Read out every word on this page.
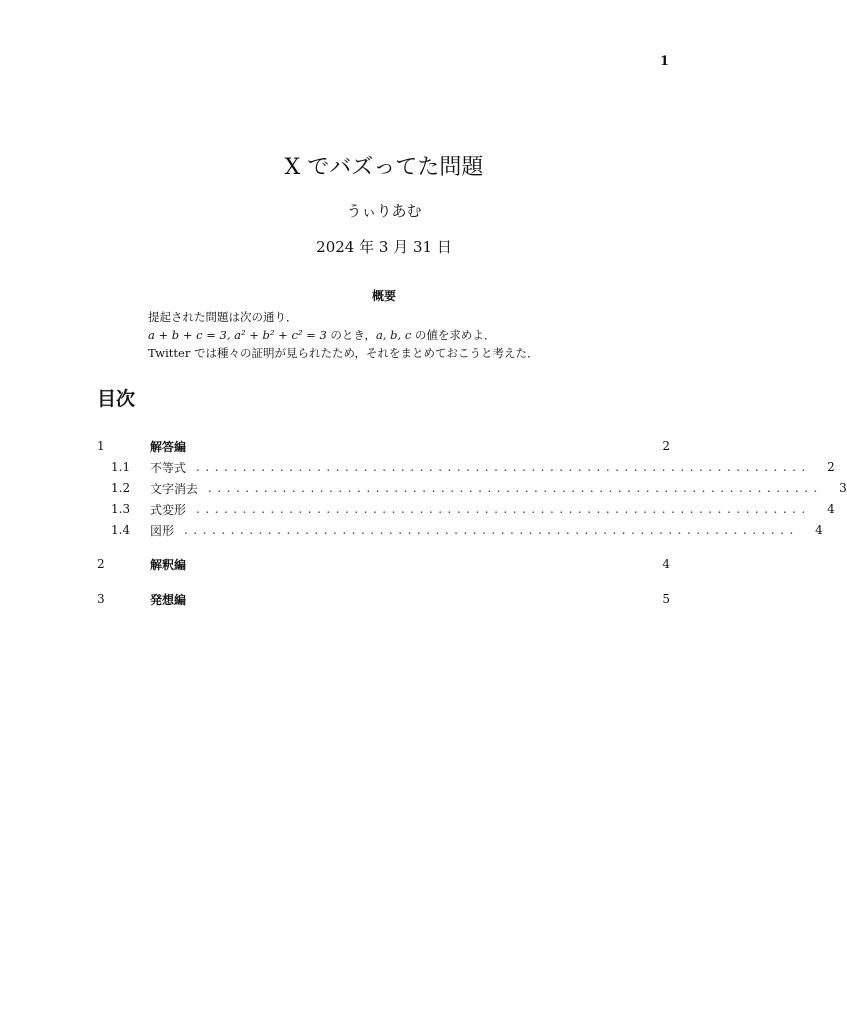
1
X でバズってた問題
うぃりあむ
2024 年 3 月 31 日
概要
提起された問題は次の通り．
a + b + c = 3, a² + b² + c² = 3 のとき，a, b, c の値を求めよ．
Twitter では種々の証明が見られたため，それをまとめておこうと考えた．
目次
1	解答編	2
1.1	不等式 ..................................................................	2
1.2	文字消去 ..................................................................	3
1.3	式変形 ..................................................................	4
1.4	図形 ..................................................................	4
2	解釈編	4
3	発想編	5
